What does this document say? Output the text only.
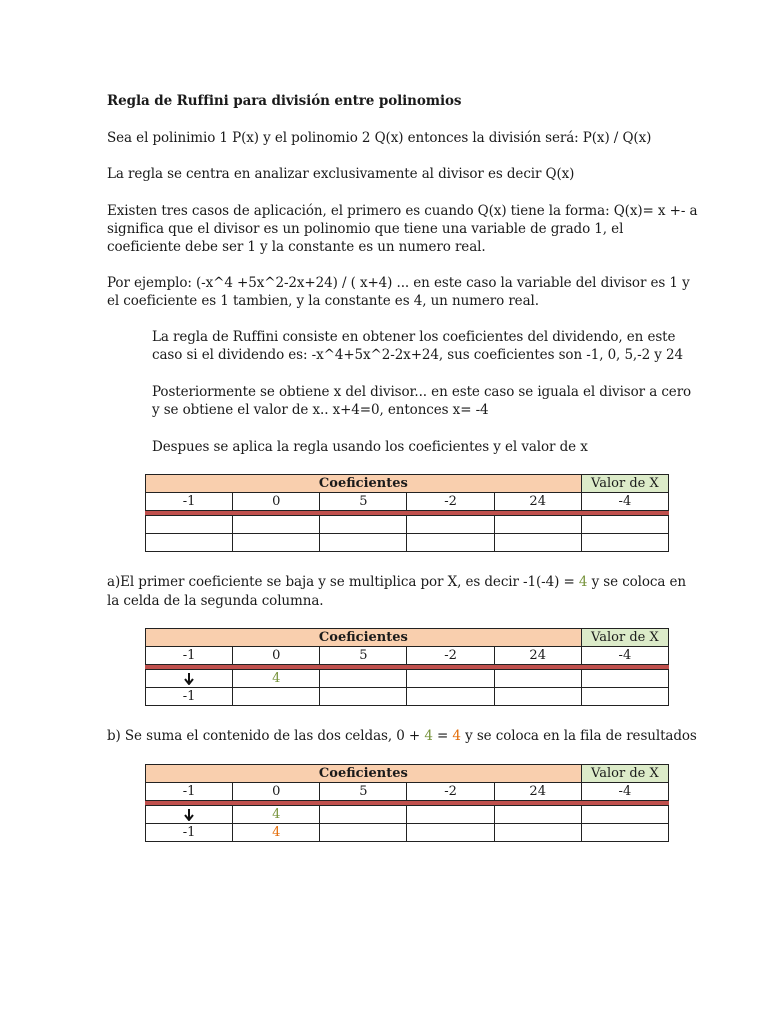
Regla de Ruffini para división entre polinomios

Sea el polinimio 1 P(x) y el polinomio 2 Q(x) entonces la división será: P(x) / Q(x)

La regla se centra en analizar exclusivamente al divisor es decir Q(x)

Existen tres casos de aplicación, el primero es cuando Q(x) tiene la forma: Q(x)= x +- a

significa que el divisor es un polinomio que tiene una variable de grado 1, el

coeficiente debe ser 1 y la constante es un numero real.

Por ejemplo: (-x^4 +5x^2-2x+24) / ( x+4) ... en este caso la variable del divisor es 1 y

el coeficiente es 1 tambien, y la constante es 4, un numero real.

La regla de Ruffini consiste en obtener los coeficientes del dividendo, en este

caso si el dividendo es: -x^4+5x^2-2x+24, sus coeficientes son -1, 0, 5,-2 y 24

Posteriormente se obtiene x del divisor... en este caso se iguala el divisor a cero

y se obtiene el valor de x.. x+4=0, entonces x= -4

Despues se aplica la regla usando los coeficientes y el valor de x

Coeficientes					Valor de X
-1	0	5	-2	24	-4

a)El primer coeficiente se baja y se multiplica por X, es decir -1(-4) = 4 y se coloca en

la celda de la segunda columna.

Coeficientes					Valor de X
-1	0	5	-2	24	-4

	4				
-1					

b) Se suma el contenido de las dos celdas, 0 + 4 = 4 y se coloca en la fila de resultados

Coeficientes					Valor de X
-1	0	5	-2	24	-4

	4				
-1	4				
